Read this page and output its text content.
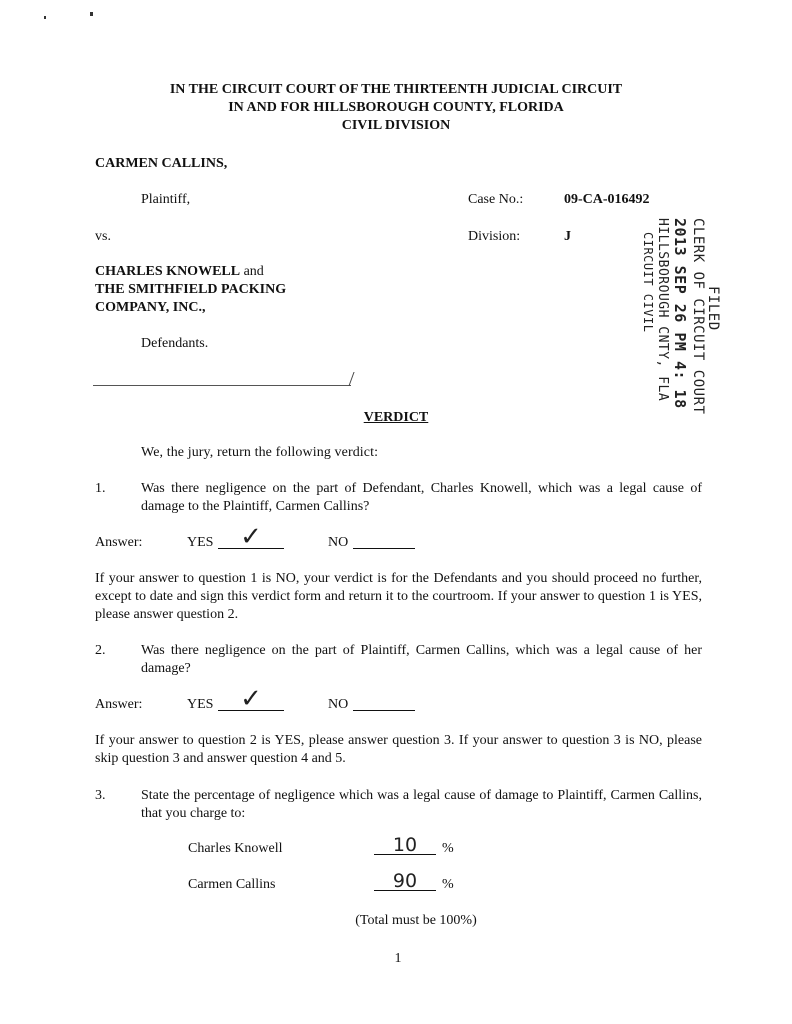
IN THE CIRCUIT COURT OF THE THIRTEENTH JUDICIAL CIRCUIT
IN AND FOR HILLSBOROUGH COUNTY, FLORIDA
CIVIL DIVISION
CARMEN CALLINS,
Plaintiff,
vs.
CHARLES KNOWELL and
THE SMITHFIELD PACKING
COMPANY, INC.,
Defendants.
Case No.:	09-CA-016492
Division:	J
FILED
CLERK OF CIRCUIT COURT
2013 SEP 26 PM 4: 18
HILLSBOROUGH CNTY, FLA
CIRCUIT CIVIL
VERDICT
We, the jury, return the following verdict:
1.	Was there negligence on the part of Defendant, Charles Knowell, which was a legal cause of damage to the Plaintiff, Carmen Callins?
Answer:	YES	✓	NO
If your answer to question 1 is NO, your verdict is for the Defendants and you should proceed no further, except to date and sign this verdict form and return it to the courtroom. If your answer to question 1 is YES, please answer question 2.
2.	Was there negligence on the part of Plaintiff, Carmen Callins, which was a legal cause of her damage?
Answer:	YES	✓	NO
If your answer to question 2 is YES, please answer question 3. If your answer to question 3 is NO, please skip question 3 and answer question 4 and 5.
3.	State the percentage of negligence which was a legal cause of damage to Plaintiff, Carmen Callins, that you charge to:
Charles Knowell	10	%
Carmen Callins	90	%
(Total must be 100%)
1
